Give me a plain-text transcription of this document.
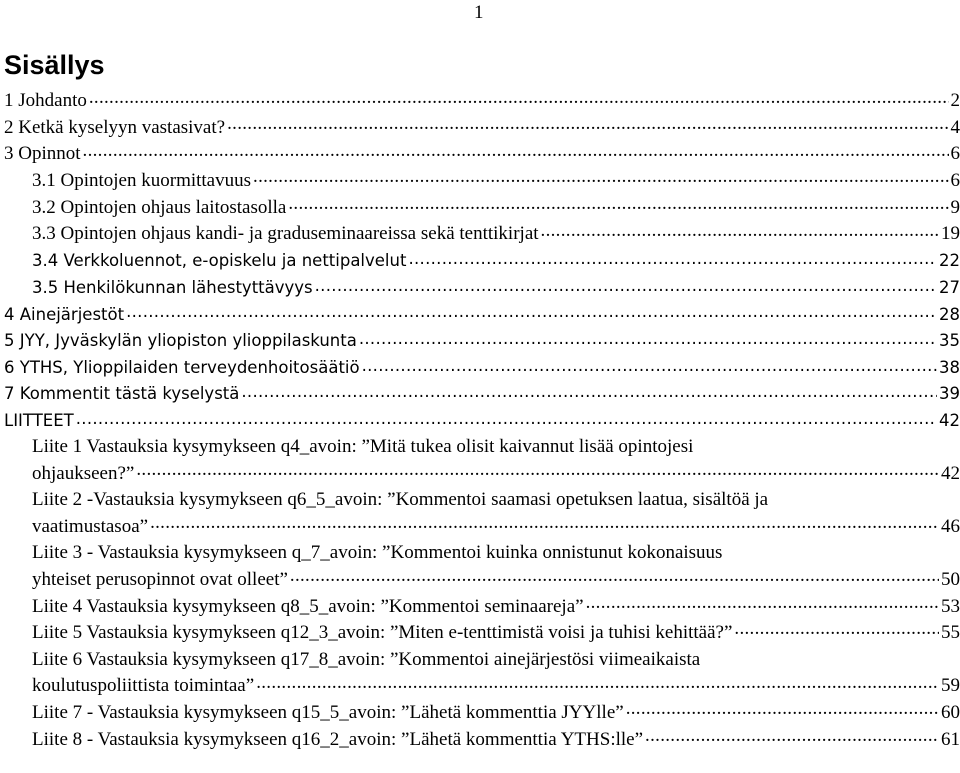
1
Sisällys
1 Johdanto .....	2
2 Ketkä kyselyyn vastasivat? .....	4
3 Opinnot .....	6
3.1 Opintojen kuormittavuus .....	6
3.2 Opintojen ohjaus laitostasolla .....	9
3.3 Opintojen ohjaus kandi- ja graduseminaareissa sekä tenttikirjat .....	19
3.4 Verkkoluennot, e-opiskelu ja nettipalvelut .....	22
3.5 Henkilökunnan lähestyttävyys .....	27
4 Ainejärjestöt .....	28
5 JYY, Jyväskylän yliopiston ylioppilaskunta .....	35
6 YTHS, Ylioppilaiden terveydenhoitosäätiö .....	38
7 Kommentit tästä kyselystä .....	39
LIITTEET .....	42
Liite 1 Vastauksia kysymykseen q4_avoin: ”Mitä tukea olisit kaivannut lisää opintojesi
ohjaukseen?” .....	42
Liite 2 -Vastauksia kysymykseen q6_5_avoin: ”Kommentoi saamasi opetuksen laatua, sisältöä ja
vaatimustasoa” .....	46
Liite 3 - Vastauksia kysymykseen q_7_avoin: ”Kommentoi kuinka onnistunut kokonaisuus
yhteiset perusopinnot ovat olleet” .....	50
Liite 4 Vastauksia kysymykseen q8_5_avoin: ”Kommentoi seminaareja” .....	53
Liite 5 Vastauksia kysymykseen q12_3_avoin: ”Miten e-tenttimistä voisi ja tuhisi kehittää?” .....	55
Liite 6 Vastauksia kysymykseen q17_8_avoin: ”Kommentoi ainejärjestösi viimeaikaista
koulutuspoliittista toimintaa” .....	59
Liite 7 - Vastauksia kysymykseen q15_5_avoin: ”Lähetä kommenttia JYYlle” .....	60
Liite 8 - Vastauksia kysymykseen q16_2_avoin: ”Lähetä kommenttia YTHS:lle” .....	61
